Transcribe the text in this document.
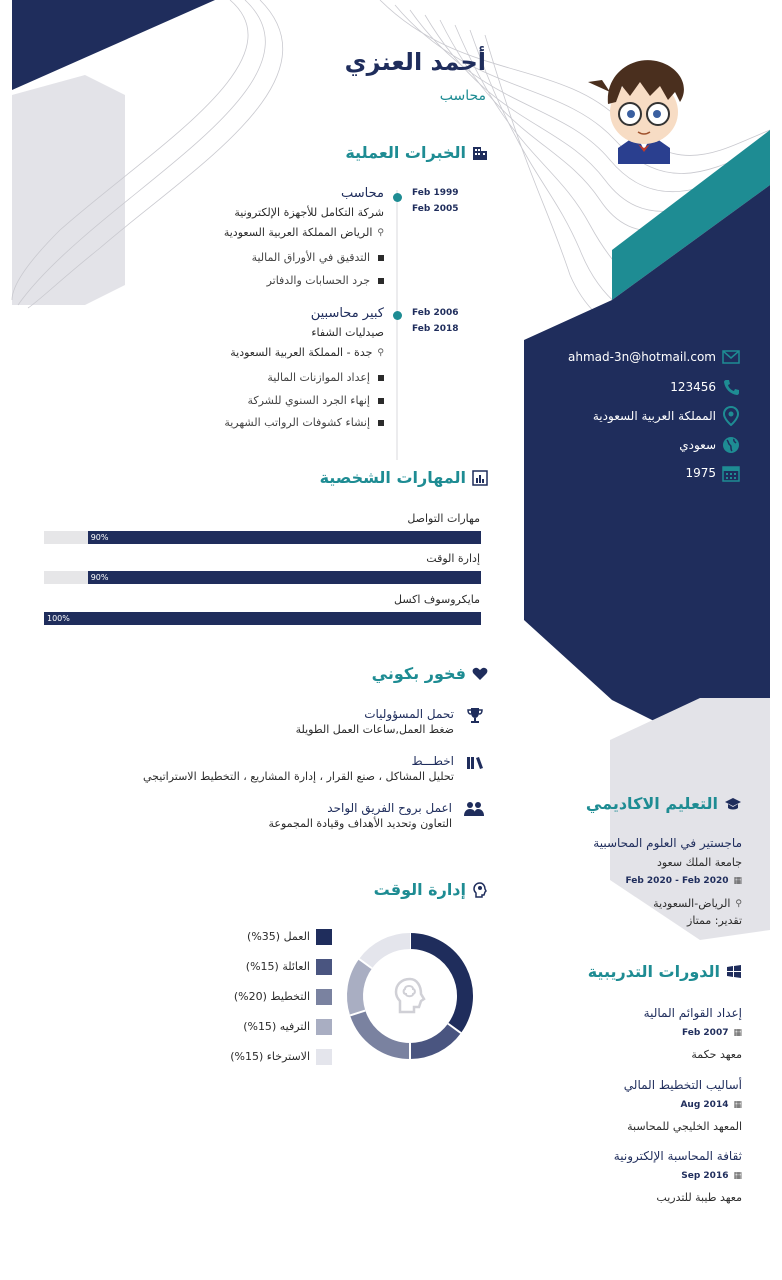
أحمد العنزي
محاسب
الخبرات العملية
Feb 1999
Feb 2005
محاسب
شركة التكامل للأجهزة الإلكترونية
⚲
الرياض المملكة العربية السعودية
التدقيق في الأوراق المالية
جرد الحسابات والدفاتر
Feb 2006
Feb 2018
كبير محاسبين
صيدليات الشفاء
⚲
جدة - المملكة العربية السعودية
إعداد الموازنات المالية
إنهاء الجرد السنوي للشركة
إنشاء كشوفات الرواتب الشهرية
ahmad-3n@hotmail.com
123456
المملكة العربية السعودية
سعودي
1975
المهارات الشخصية
مهارات التواصل
90%
إدارة الوقت
90%
مايكروسوف اكسل
100%
فخور بكوني
تحمل المسؤوليات
ضغط العمل,ساعات العمل الطويلة
اخطـــط
تحليل المشاكل ، صنع القرار ، إدارة المشاريع ، التخطيط الاستراتيجي
اعمل بروح الفريق الواحد
التعاون وتحديد الأهداف وقيادة المجموعة
إدارة الوقت
العمل (35%)
العائلة (15%)
التخطيط (20%)
الترفيه (15%)
الاسترخاء (15%)
التعليم الاكاديمي
ماجستير في العلوم المحاسبية
جامعة الملك سعود
▦
Feb 2020 - Feb 2020
⚲
الرياض-السعودية
تقدير: ممتاز
الدورات التدريبية
إعداد القوائم المالية
▦
Feb 2007
معهد حكمة
أساليب التخطيط المالي
▦
Aug 2014
المعهد الخليجي للمحاسبة
ثقافة المحاسبة الإلكترونية
▦
Sep 2016
معهد طيبة للتدريب
